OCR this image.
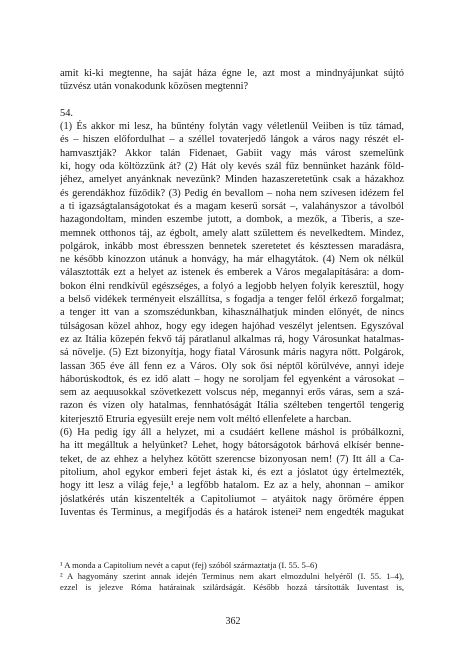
amit ki-ki megtenne, ha saját háza égne le, azt most a mindnyájunkat sújtó
tűzvész után vonakodunk közösen megtenni?
54.
(1) És akkor mi lesz, ha bűntény folytán vagy véletlenül Veiiben is tűz támad,
és – hiszen előfordulhat – a széllel tovaterjedő lángok a város nagy részét el-
hamvasztják? Akkor talán Fidenaet, Gabiit vagy más várost szemelünk
ki, hogy oda költözzünk át? (2) Hát oly kevés szál fűz bennünket hazánk föld-
jéhez, amelyet anyánknak nevezünk? Minden hazaszeretetünk csak a házakhoz
és gerendákhoz fűződik? (3) Pedig én bevallom – noha nem szívesen idézem fel
a ti igazságtalanságotokat és a magam keserű sorsát –, valahányszor a távolból
hazagondoltam, minden eszembe jutott, a dombok, a mezők, a Tiberis, a sze-
memnek otthonos táj, az égbolt, amely alatt születtem és nevelkedtem. Mindez,
polgárok, inkább most ébresszen bennetek szeretetet és késztessen maradásra,
ne később kínozzon utánuk a honvágy, ha már elhagytátok. (4) Nem ok nélkül
választották ezt a helyet az istenek és emberek a Város megalapítására: a dom-
bokon élni rendkívül egészséges, a folyó a legjobb helyen folyik keresztül, hogy
a belső vidékek terményeit elszállítsa, s fogadja a tenger felől érkező forgalmat;
a tenger itt van a szomszédunkban, kihasználhatjuk minden előnyét, de nincs
túlságosan közel ahhoz, hogy egy idegen hajóhad veszélyt jelentsen. Egyszóval
ez az Itália közepén fekvő táj páratlanul alkalmas rá, hogy Városunkat hatalmas-
sá növelje. (5) Ezt bizonyítja, hogy fiatal Városunk máris nagyra nőtt. Polgárok,
lassan 365 éve áll fenn ez a Város. Oly sok ősi néptől körülvéve, annyi ideje
háborúskodtok, és ez idő alatt – hogy ne soroljam fel egyenként a városokat –
sem az aequusokkal szövetkezett volscus nép, megannyi erős váras, sem a szá-
razon és vízen oly hatalmas, fennhatóságát Itália szélteben tengertől tengerig
kiterjesztő Etruria egyesült ereje nem volt méltó ellenfelete a harcban.
(6) Ha pedig így áll a helyzet, mi a csudáért kellene máshol is próbálkozni,
ha itt megálltuk a helyünket? Lehet, hogy bátorságotok bárhová elkísér benne-
teket, de az ehhez a helyhez kötött szerencse bizonyosan nem! (7) Itt áll a Ca-
pitolium, ahol egykor emberi fejet ástak ki, és ezt a jóslatot úgy értelmezték,
hogy itt lesz a világ feje,¹ a legfőbb hatalom. Ez az a hely, ahonnan – amikor
jóslatkérés után kiszentelték a Capitoliumot – atyáitok nagy örömére éppen
Iuventas és Terminus, a megifjodás és a határok istenei² nem engedték magukat
¹ A monda a Capitolium nevét a caput (fej) szóból származtatja (I. 55. 5–6)
² A hagyomány szerint annak idején Terminus nem akart elmozdulni helyéről (I. 55. 1–4),
ezzel is jelezve Róma határainak szilárdságát. Később hozzá társították Iuventast is,
362
